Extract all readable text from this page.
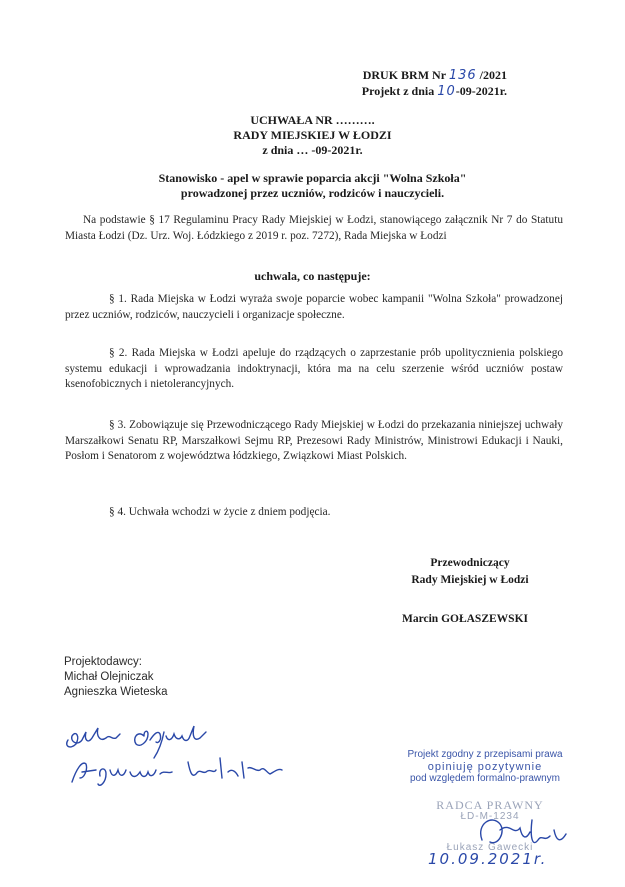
DRUK BRM Nr 136 /2021
Projekt z dnia 10-09-2021r.
UCHWAŁA NR ……….
RADY MIEJSKIEJ W ŁODZI
z dnia … -09-2021r.
Stanowisko - apel w sprawie poparcia akcji "Wolna Szkoła"
prowadzonej przez uczniów, rodziców i nauczycieli.
Na podstawie § 17 Regulaminu Pracy Rady Miejskiej w Łodzi, stanowiącego załącznik Nr 7 do Statutu Miasta Łodzi (Dz. Urz. Woj. Łódzkiego z 2019 r. poz. 7272), Rada Miejska w Łodzi
uchwala, co następuje:
§ 1. Rada Miejska w Łodzi wyraża swoje poparcie wobec kampanii "Wolna Szkoła" prowadzonej przez uczniów, rodziców, nauczycieli i organizacje społeczne.
§ 2. Rada Miejska w Łodzi apeluje do rządzących o zaprzestanie prób upolitycznienia polskiego systemu edukacji i wprowadzania indoktrynacji, która ma na celu szerzenie wśród uczniów postaw ksenofobicznych i nietolerancyjnych.
§ 3. Zobowiązuje się Przewodniczącego Rady Miejskiej w Łodzi do przekazania niniejszej uchwały Marszałkowi Senatu RP, Marszałkowi Sejmu RP, Prezesowi Rady Ministrów, Ministrowi Edukacji i Nauki, Posłom i Senatorom z województwa łódzkiego, Związkowi Miast Polskich.
§ 4. Uchwała wchodzi w życie z dniem podjęcia.
Przewodniczący
Rady Miejskiej w Łodzi
Marcin GOŁASZEWSKI
Projektodawcy:
Michał Olejniczak
Agnieszka Wieteska
Projekt zgodny z przepisami prawa
opiniuję pozytywnie
pod względem formalno-prawnym
RADCA PRAWNY
ŁD-M-1234
Łukasz Gawecki
10.09.2021r.
